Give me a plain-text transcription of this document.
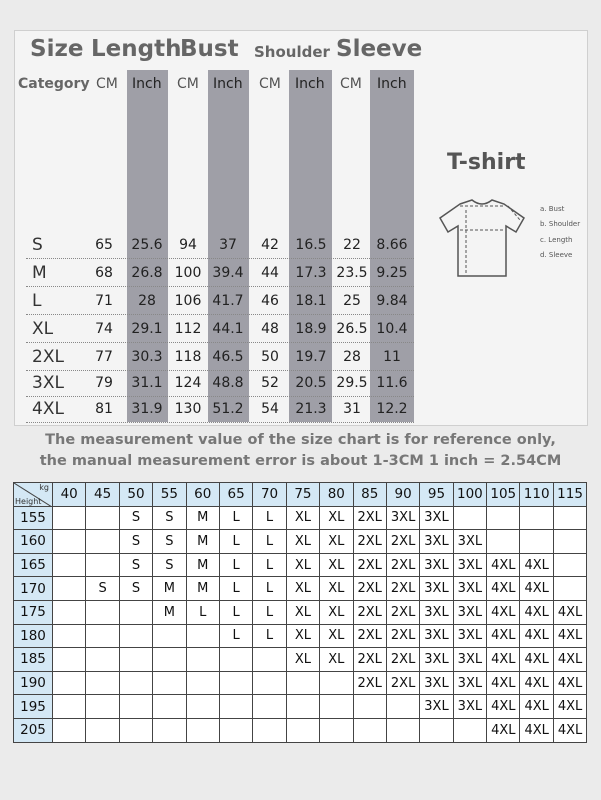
Size Length
Bust Shoulder Sleeve
Category CM Inch CM Inch CM Inch CM Inch
S	65	25.6	94	37	42	16.5	22	8.66
M	68	26.8 100 39.4	44	17.3 23.5 9.25
L	71	28	106 41.7	46	18.1	25	9.84
XL	74	29.1 112 44.1	48	18.9 26.5 10.4
2XL	77	30.3 118 46.5	50	19.7	28	11
3XL	79	31.1 124 48.8	52	20.5 29.5 11.6
4XL	81	31.9 130 51.2	54	21.3	31	12.2
T-shirt
a. Bust
b. Shoulder
c. Length
d. Sleeve
The measurement value of the size chart is for reference only,
the manual measurement error is about 1-3CM 1 inch = 2.54CM
kg
Height	40	45	50	55	60	65	70	75	80	85	90	95	100	105	110	115
155			S	S	M	L	L	XL	XL	2XL	3XL	3XL				
160			S	S	M	L	L	XL	XL	2XL	2XL	3XL	3XL			
165			S	S	M	L	L	XL	XL	2XL	2XL	3XL	3XL	4XL	4XL	
170		S	S	M	M	L	L	XL	XL	2XL	2XL	3XL	3XL	4XL	4XL	
175				M	L	L	L	XL	XL	2XL	2XL	3XL	3XL	4XL	4XL	4XL
180						L	L	XL	XL	2XL	2XL	3XL	3XL	4XL	4XL	4XL
185								XL	XL	2XL	2XL	3XL	3XL	4XL	4XL	4XL
190										2XL	2XL	3XL	3XL	4XL	4XL	4XL
195												3XL	3XL	4XL	4XL	4XL
205														4XL	4XL	4XL
